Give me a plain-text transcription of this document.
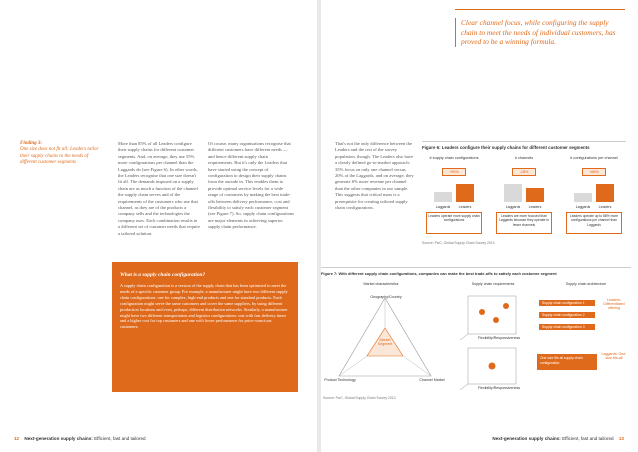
Finding 3:
One size does not fit all: Leaders tailor their supply chains to the needs of different customer segments
More than 85% of all Leaders configure their supply chains for different customer segments. And, on average, they use 55% more configurations per channel than the Laggards do (see Figure 6). In other words, the Leaders recognise that one size doesn't fit all. The demands imposed on a supply chain are as much a function of the channel the supply chain serves and of the requirements of the customers who use that channel, as they are of the products a company sells and the technologies the company uses. Each combination results in a different set of customer needs that require a tailored solution.
Of course, many organisations recognise that different customers have different needs — and hence different supply chain requirements. But it's only the Leaders that have started using the concept of configuration to design their supply chains from the outside in. This enables them to provide optimal service levels for a wide range of customers by making the best trade-offs between delivery performance, cost and flexibility to satisfy each customer segment (see Figure 7). So, supply chain configurations are major elements in achieving superior supply chain performance.
What is a supply chain configuration?
A supply chain configuration is a version of the supply chain that has been optimised to meet the needs of a specific customer group. For example, a manufacturer might have two different supply chain configurations: one for complex, high-end products and one for standard products. Each configuration might serve the same customers and cover the same suppliers, by using different production locations and even, perhaps, different distribution networks. Similarly, a manufacturer might have two different transportation and logistics configurations: one with fast delivery times and a higher cost for top customers and one with lower performance for price-conscious customers.
12 Next-generation supply chains: Efficient, fast and tailored
Clear channel focus, while configuring the supply chain to meet the needs of individual customers, has proved to be a winning formula.
That's not the only difference between the Leaders and the rest of the survey population, though. The Leaders also have a clearly defined go-to-market approach: 35% focus on only one channel versus 20% of the Laggards, and on average, they generate 6% more revenue per channel than the other companies in our sample. This suggests that critical mass is a prerequisite for creating tailored supply chain configurations.
Figure 6: Leaders configure their supply chains for different customer segments
# supply chain configurations
+55%
Laggards	Leaders
Leaders operate more supply chain configurations
# channels
-18%
Laggards	Leaders
Leaders are more focused than Laggards because they operate in fewer channels
# configurations per channel
+88%
Laggards	Leaders
Leaders operate up to 88% more configurations per channel than Laggards
Source: PwC, Global Supply Chain Survey 2013
Figure 7: With different supply chain configurations, companies can make the best trade-offs to satisfy each customer segment
Market characteristics	Supply chain requirements	Supply chain architecture
Geography/Country
Market Segment
Product Technology	Channel Market
Flexibility/Responsiveness
Flexibility/Responsiveness
Supply chain configuration 1
Supply chain configuration 2
Supply chain configuration 3
One size fits all supply chain configuration
Leaders: Differentiated offering
Laggards: One-size-fits-all
Source: PwC, Global Supply Chain Survey 2013
Next-generation supply chains: Efficient, fast and tailored 13
